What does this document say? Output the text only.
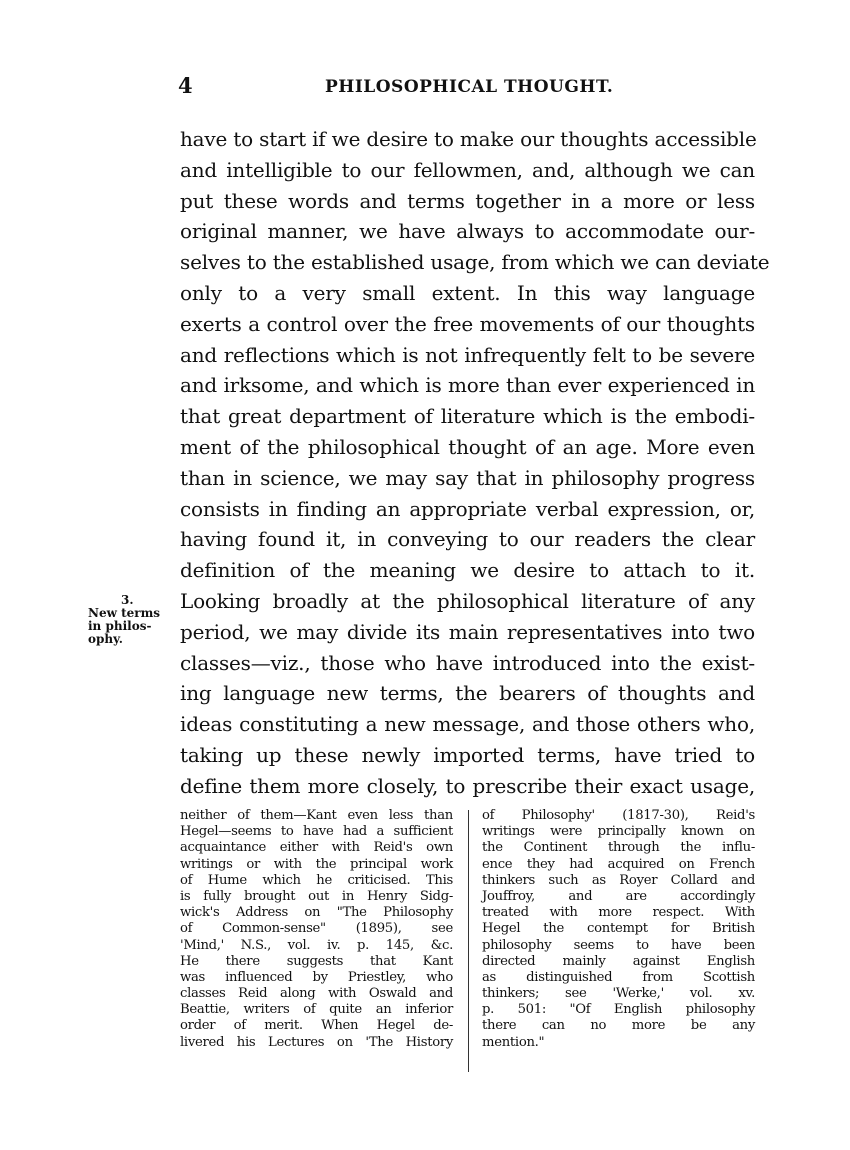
4	PHILOSOPHICAL THOUGHT.
have to start if we desire to make our thoughts accessible
and intelligible to our fellowmen, and, although we can
put these words and terms together in a more or less
original manner, we have always to accommodate our-
selves to the established usage, from which we can deviate
only to a very small extent. In this way language
exerts a control over the free movements of our thoughts
and reflections which is not infrequently felt to be severe
and irksome, and which is more than ever experienced in
that great department of literature which is the embodi-
ment of the philosophical thought of an age. More even
than in science, we may say that in philosophy progress
consists in finding an appropriate verbal expression, or,
having found it, in conveying to our readers the clear
definition of the meaning we desire to attach to it.
Looking broadly at the philosophical literature of any
period, we may divide its main representatives into two
classes—viz., those who have introduced into the exist-
ing language new terms, the bearers of thoughts and
ideas constituting a new message, and those others who,
taking up these newly imported terms, have tried to
define them more closely, to prescribe their exact usage,
3.
New terms
in philos-
ophy.
neither of them—Kant even less than
Hegel—seems to have had a sufficient
acquaintance either with Reid's own
writings or with the principal work
of Hume which he criticised. This
is fully brought out in Henry Sidg-
wick's Address on "The Philosophy
of Common-sense" (1895), see
'Mind,' N.S., vol. iv. p. 145, &c.
He there suggests that Kant
was influenced by Priestley, who
classes Reid along with Oswald and
Beattie, writers of quite an inferior
order of merit. When Hegel de-
livered his Lectures on 'The History
of Philosophy' (1817-30), Reid's
writings were principally known on
the Continent through the influ-
ence they had acquired on French
thinkers such as Royer Collard and
Jouffroy, and are accordingly
treated with more respect. With
Hegel the contempt for British
philosophy seems to have been
directed mainly against English
as distinguished from Scottish
thinkers; see 'Werke,' vol. xv.
p. 501: "Of English philosophy
there can no more be any
mention."
